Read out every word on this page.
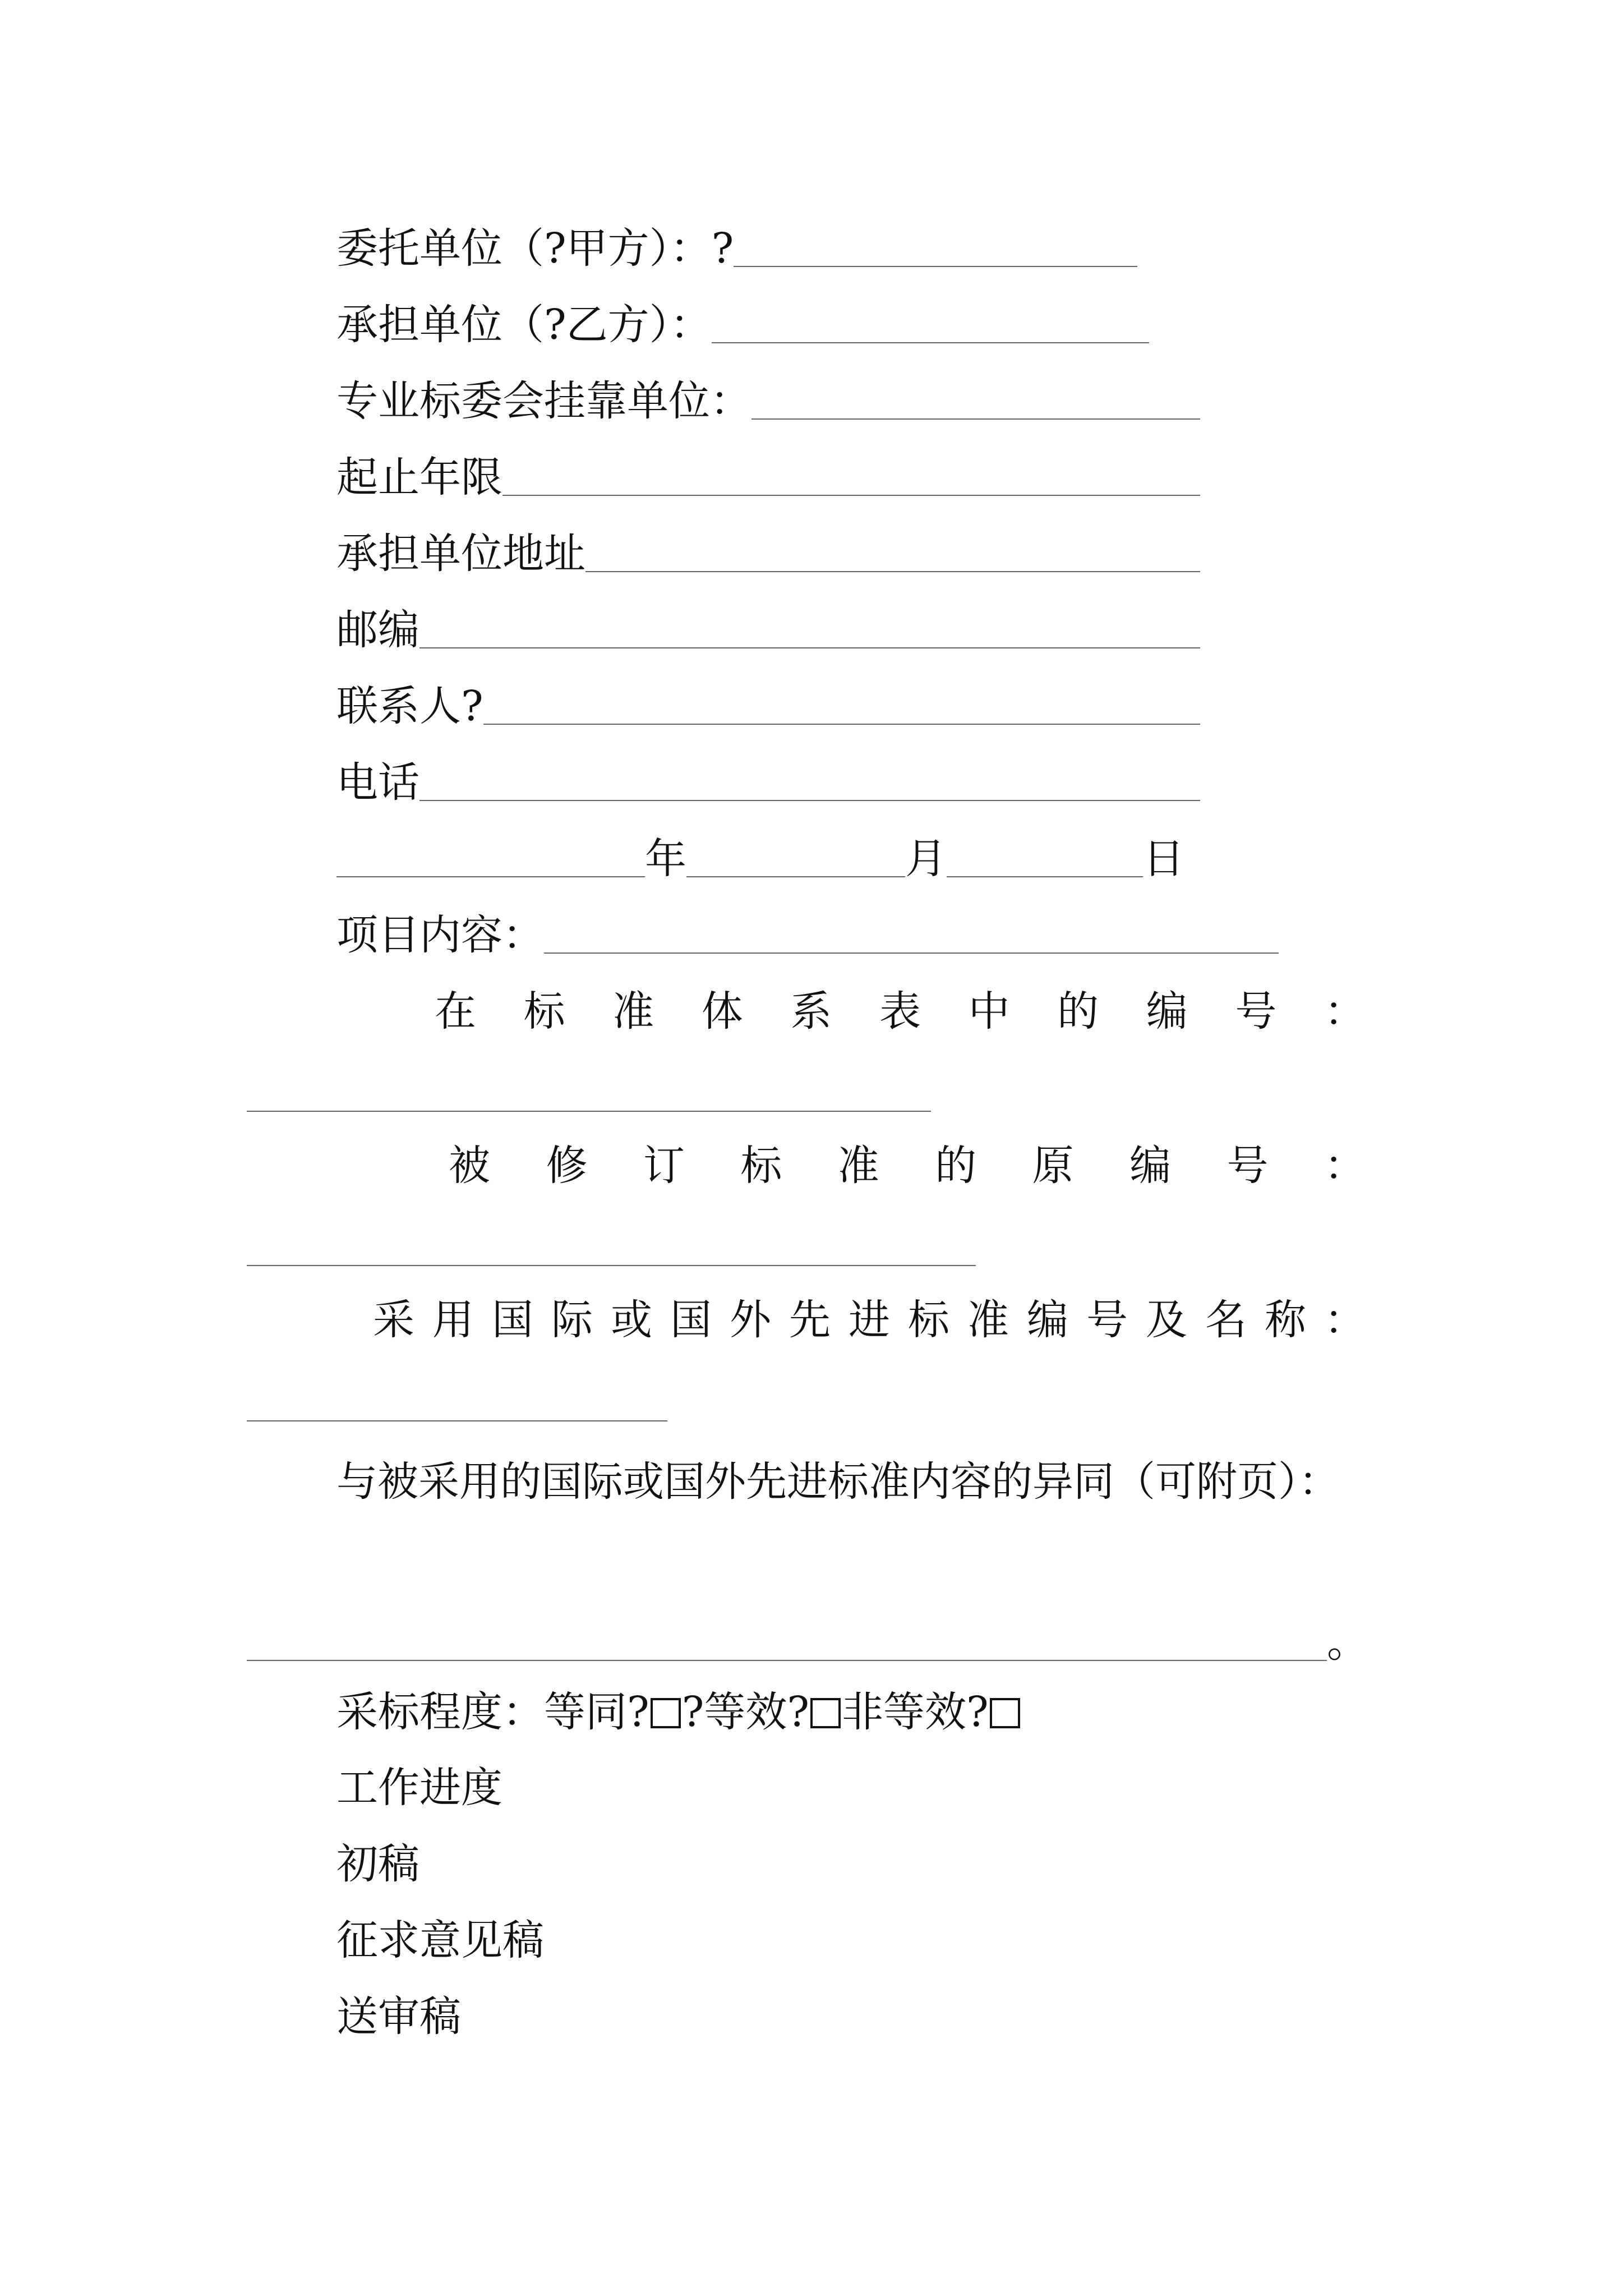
委托单位（?甲方）：?
承担单位（?乙方）：
专业标委会挂靠单位：
起止年限
承担单位地址
邮编
联系人?
电话
年	月	日
项目内容：
在 标 准 体 系 表 中 的 编 号 ：
被 修 订 标 准 的 原 编 号 ：
采 用 国 际 或 国 外 先 进 标 准 编 号 及 名 称 ：
与被采用的国际或国外先进标准内容的异同（可附页）：
。
采标程度：等同? ?等效? 非等效?
工作进度
初稿
征求意见稿
送审稿
